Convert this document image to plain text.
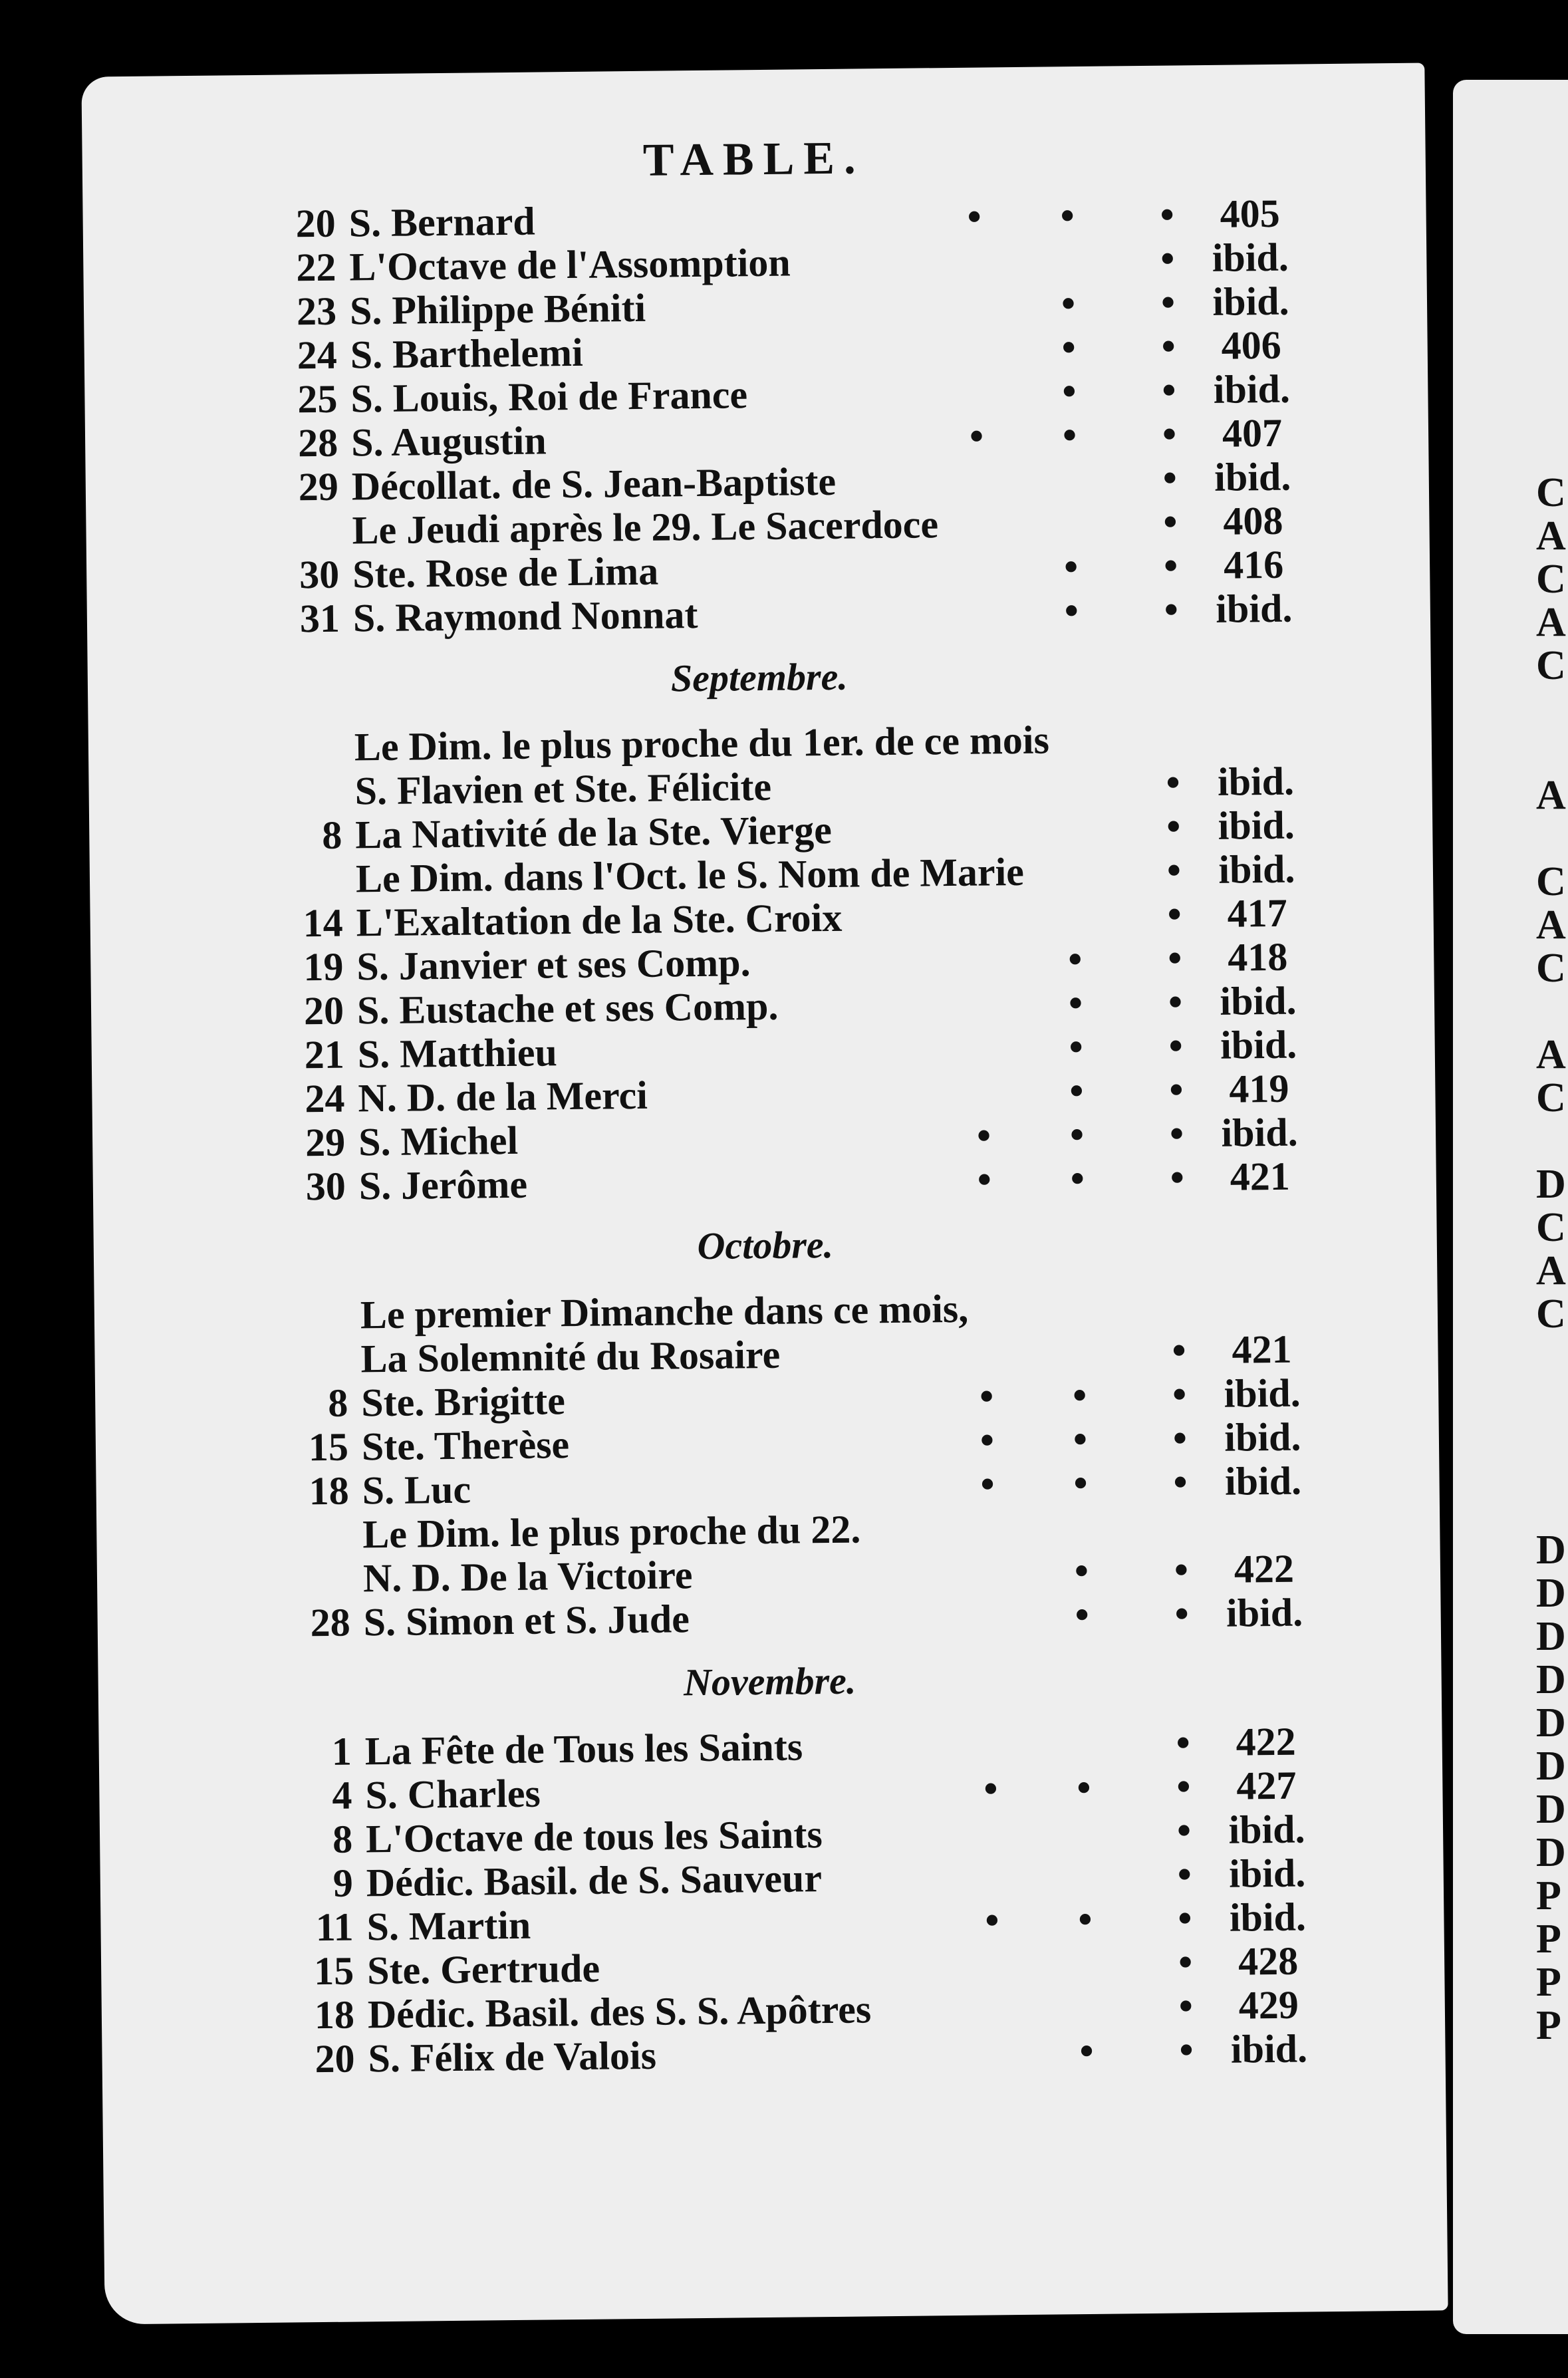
TABLE.
20 S. Bernard	• • •	405
22 L'Octave de l'Assomption	• ibid.
23 S. Philippe Béniti	• • ibid.
24 S. Barthelemi	• •	406
25 S. Louis, Roi de France	• • ibid.
28 S. Augustin	• • •	407
29 Décollat. de S. Jean-Baptiste	• ibid.
Le Jeudi après le 29. Le Sacerdoce	•	408
30 Ste. Rose de Lima	• •	416
31 S. Raymond Nonnat	• • ibid.
Septembre.
Le Dim. le plus proche du 1er. de ce mois
S. Flavien et Ste. Félicite	• ibid.
8 La Nativité de la Ste. Vierge	• ibid.
Le Dim. dans l'Oct. le S. Nom de Marie	• ibid.
14 L'Exaltation de la Ste. Croix	•	417
19 S. Janvier et ses Comp.	• •	418
20 S. Eustache et ses Comp.	• • ibid.
21 S. Matthieu	• • ibid.
24 N. D. de la Merci	• •	419
29 S. Michel	• • • ibid.
30 S. Jerôme	• • •	421
Octobre.
Le premier Dimanche dans ce mois,
La Solemnité du Rosaire	•	421
8 Ste. Brigitte	• • • ibid.
15 Ste. Therèse	• • • ibid.
18 S. Luc	• • • ibid.
Le Dim. le plus proche du 22.
N. D. De la Victoire	• •	422
28 S. Simon et S. Jude	• • ibid.
Novembre.
1 La Fête de Tous les Saints	•	422
4 S. Charles	• • •	427
8 L'Octave de tous les Saints	• ibid.
9 Dédic. Basil. de S. Sauveur	• ibid.
11 S. Martin	• • • ibid.
15 Ste. Gertrude	•	428
18 Dédic. Basil. des S. S. Apôtres	•	429
20 S. Félix de Valois	• • ibid.
C
A
C
A
C
A
C
A
C
A
C
D
C
A
C
D
D
D
D
D
D
D
D
P
P
P
P
